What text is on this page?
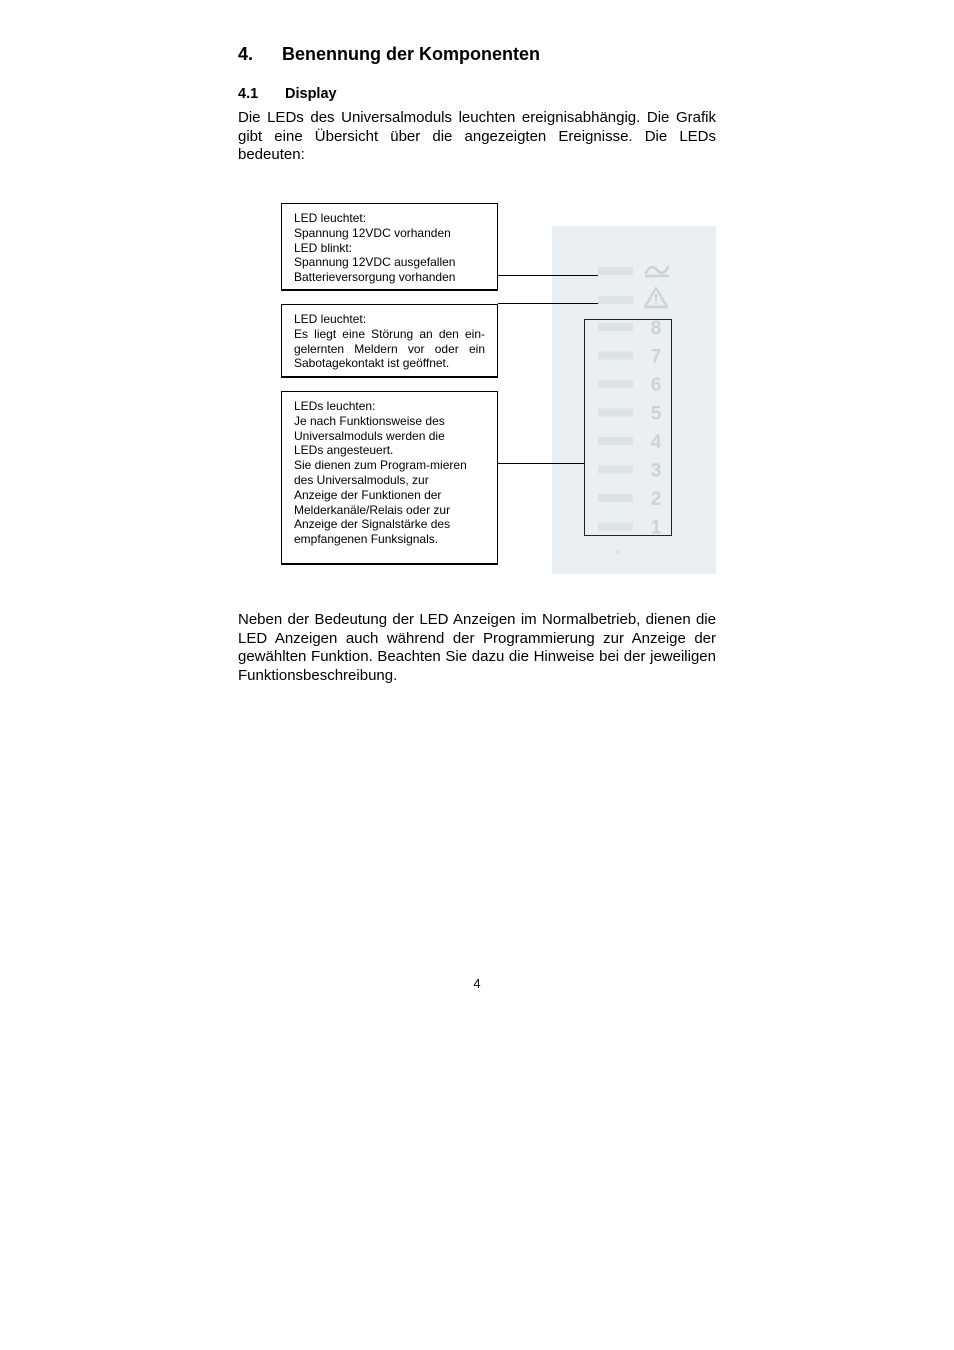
4. Benennung der Komponenten
4.1 Display
Die LEDs des Universalmoduls leuchten ereignisabhängig. Die Grafik gibt eine Übersicht über die angezeigten Ereignisse. Die LEDs bedeuten:
LED leuchtet:
Spannung 12VDC vorhanden
LED blinkt:
Spannung 12VDC ausgefallen
Batterieversorgung vorhanden
LED leuchtet:
Es liegt eine Störung an den ein-gelernten Meldern vor oder ein Sabotagekontakt ist geöffnet.
LEDs leuchten:
Je nach Funktionsweise des
Universalmoduls werden die
LEDs angesteuert.
Sie dienen zum Program-mieren
des Universalmoduls, zur
Anzeige der Funktionen der
Melderkanäle/Relais oder zur
Anzeige der Signalstärke des
empfangenen Funksignals.
8
7
6
5
4
3
2
1
Neben der Bedeutung der LED Anzeigen im Normalbetrieb, dienen die LED Anzeigen auch während der Programmierung zur Anzeige der gewählten Funktion. Beachten Sie dazu die Hinweise bei der jeweiligen Funktionsbeschreibung.
4
